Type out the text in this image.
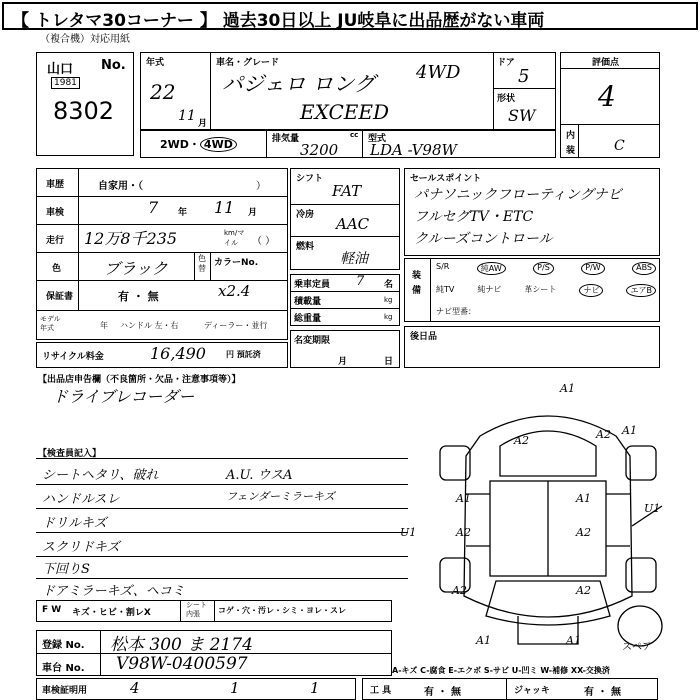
【 トレタマ30コーナー 】 過去30日以上 JU岐阜に出品歴がない車両
（複合機）対応用紙
山口 No.
1981
8302
年式
22
11 月
車名・グレード
パジェロ ロング 4WD
EXCEED
ドア
5
形状
SW
2WD・ 4WD	排気量	cc
3200
型式
LDA -V98W
評価点
4
内
装	C
車歴	自家用・（	）
車検	7 年 11 月
走行 12万8千235	km/マイル	（ ）
色	ブラック
色替
カラーNo.
保証書	有 ・ 無	x2.4
モデル 年式	年 ハンドル 左・右	ディーラー・並行
リサイクル料金	16,490	円 預託済
シフト
FAT
冷房 AAC
燃料
軽油
乗車定員 7 名
積載量	kg
総重量	kg
名変期限
月	日
セールスポイント
パナソニックフローティングナビ
フルセグTV・ETC
クルーズコントロール
装
備
S/R	純AW	P/S	P/W	ABS
純TV	純ナビ	革シート	ナビ	エアB
ナビ型番：
後日品
【出品店申告欄（不良箇所・欠品・注意事項等）】
ドライブレコーダー
【検査員記入】
シートヘタリ、破れ	A.U. ウスA
ハンドルスレ	フェンダーミラーキズ
ドリルキズ
スクリドキズ
下回りS
ドアミラーキズ、ヘコミ
F W キズ・ヒビ・割レX
シート 内張	コゲ・穴・汚レ・シミ・ヨレ・スレ
登録 No. 松本 300 ま 2174
車台 No. V98W-0400597
車検証明用	4	1	1
A1
A2	A2 A1
A1
A2
A1
A2
U1
U1
A2	A2
A1	A1
スペア
A-キズ C-腐食 E-エクボ S-サビ U-凹ミ W-補修 XX-交換済
工 具	有 ・ 無	ジャッキ	有 ・ 無
